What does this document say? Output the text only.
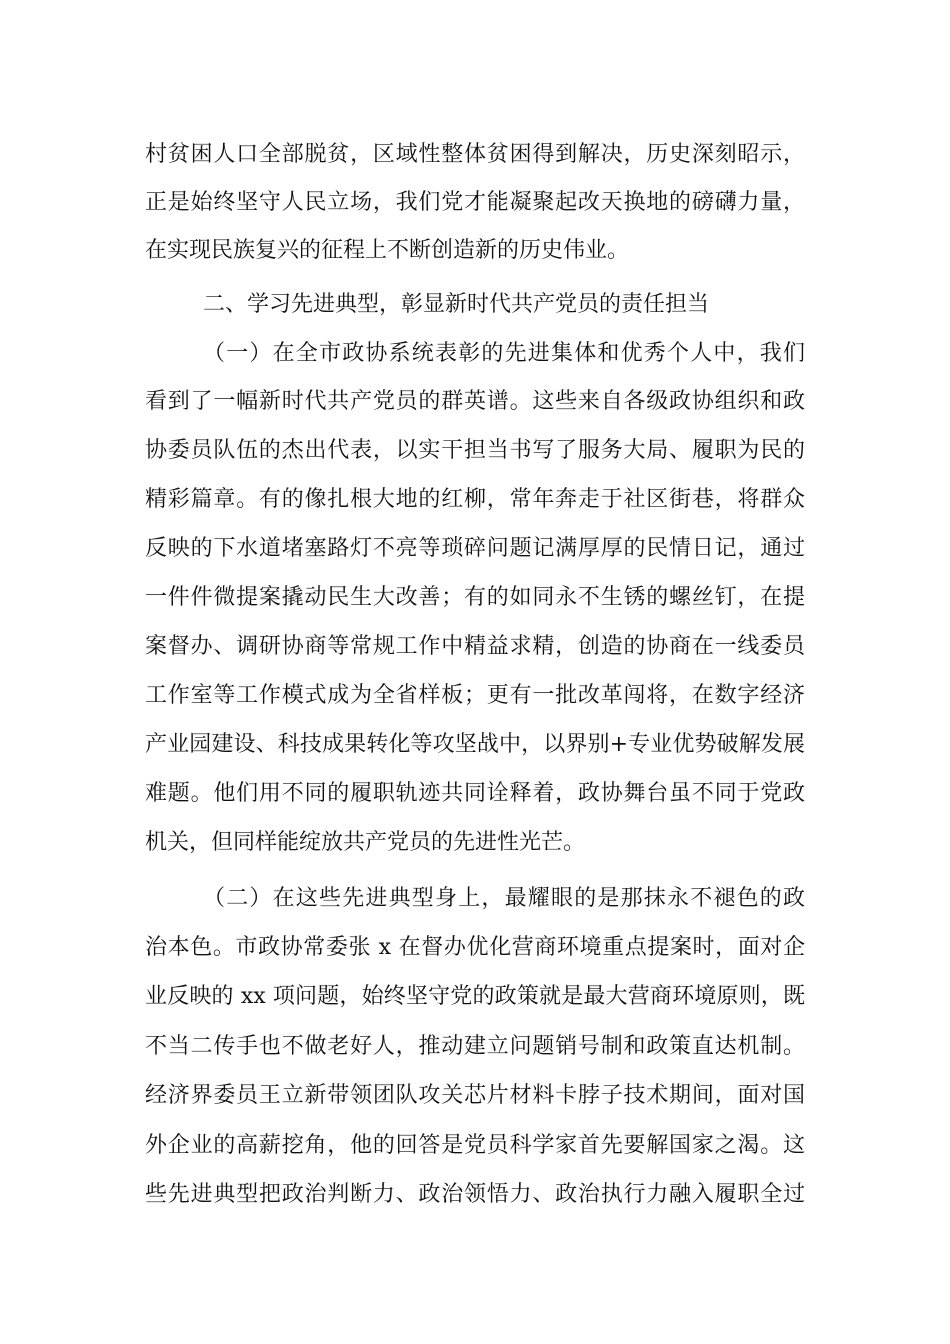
村贫困人口全部脱贫，区域性整体贫困得到解决，历史深刻昭示，
正是始终坚守人民立场，我们党才能凝聚起改天换地的磅礴力量，
在实现民族复兴的征程上不断创造新的历史伟业。
二、学习先进典型，彰显新时代共产党员的责任担当
（一）在全市政协系统表彰的先进集体和优秀个人中，我们
看到了一幅新时代共产党员的群英谱。这些来自各级政协组织和政
协委员队伍的杰出代表，以实干担当书写了服务大局、履职为民的
精彩篇章。有的像扎根大地的红柳，常年奔走于社区街巷，将群众
反映的下水道堵塞路灯不亮等琐碎问题记满厚厚的民情日记，通过
一件件微提案撬动民生大改善；有的如同永不生锈的螺丝钉，在提
案督办、调研协商等常规工作中精益求精，创造的协商在一线委员
工作室等工作模式成为全省样板；更有一批改革闯将，在数字经济
产业园建设、科技成果转化等攻坚战中，以界别+专业优势破解发展
难题。他们用不同的履职轨迹共同诠释着，政协舞台虽不同于党政
机关，但同样能绽放共产党员的先进性光芒。
（二）在这些先进典型身上，最耀眼的是那抹永不褪色的政
治本色。市政协常委张 x 在督办优化营商环境重点提案时，面对企
业反映的 xx 项问题，始终坚守党的政策就是最大营商环境原则，既
不当二传手也不做老好人，推动建立问题销号制和政策直达机制。
经济界委员王立新带领团队攻关芯片材料卡脖子技术期间，面对国
外企业的高薪挖角，他的回答是党员科学家首先要解国家之渴。这
些先进典型把政治判断力、政治领悟力、政治执行力融入履职全过
